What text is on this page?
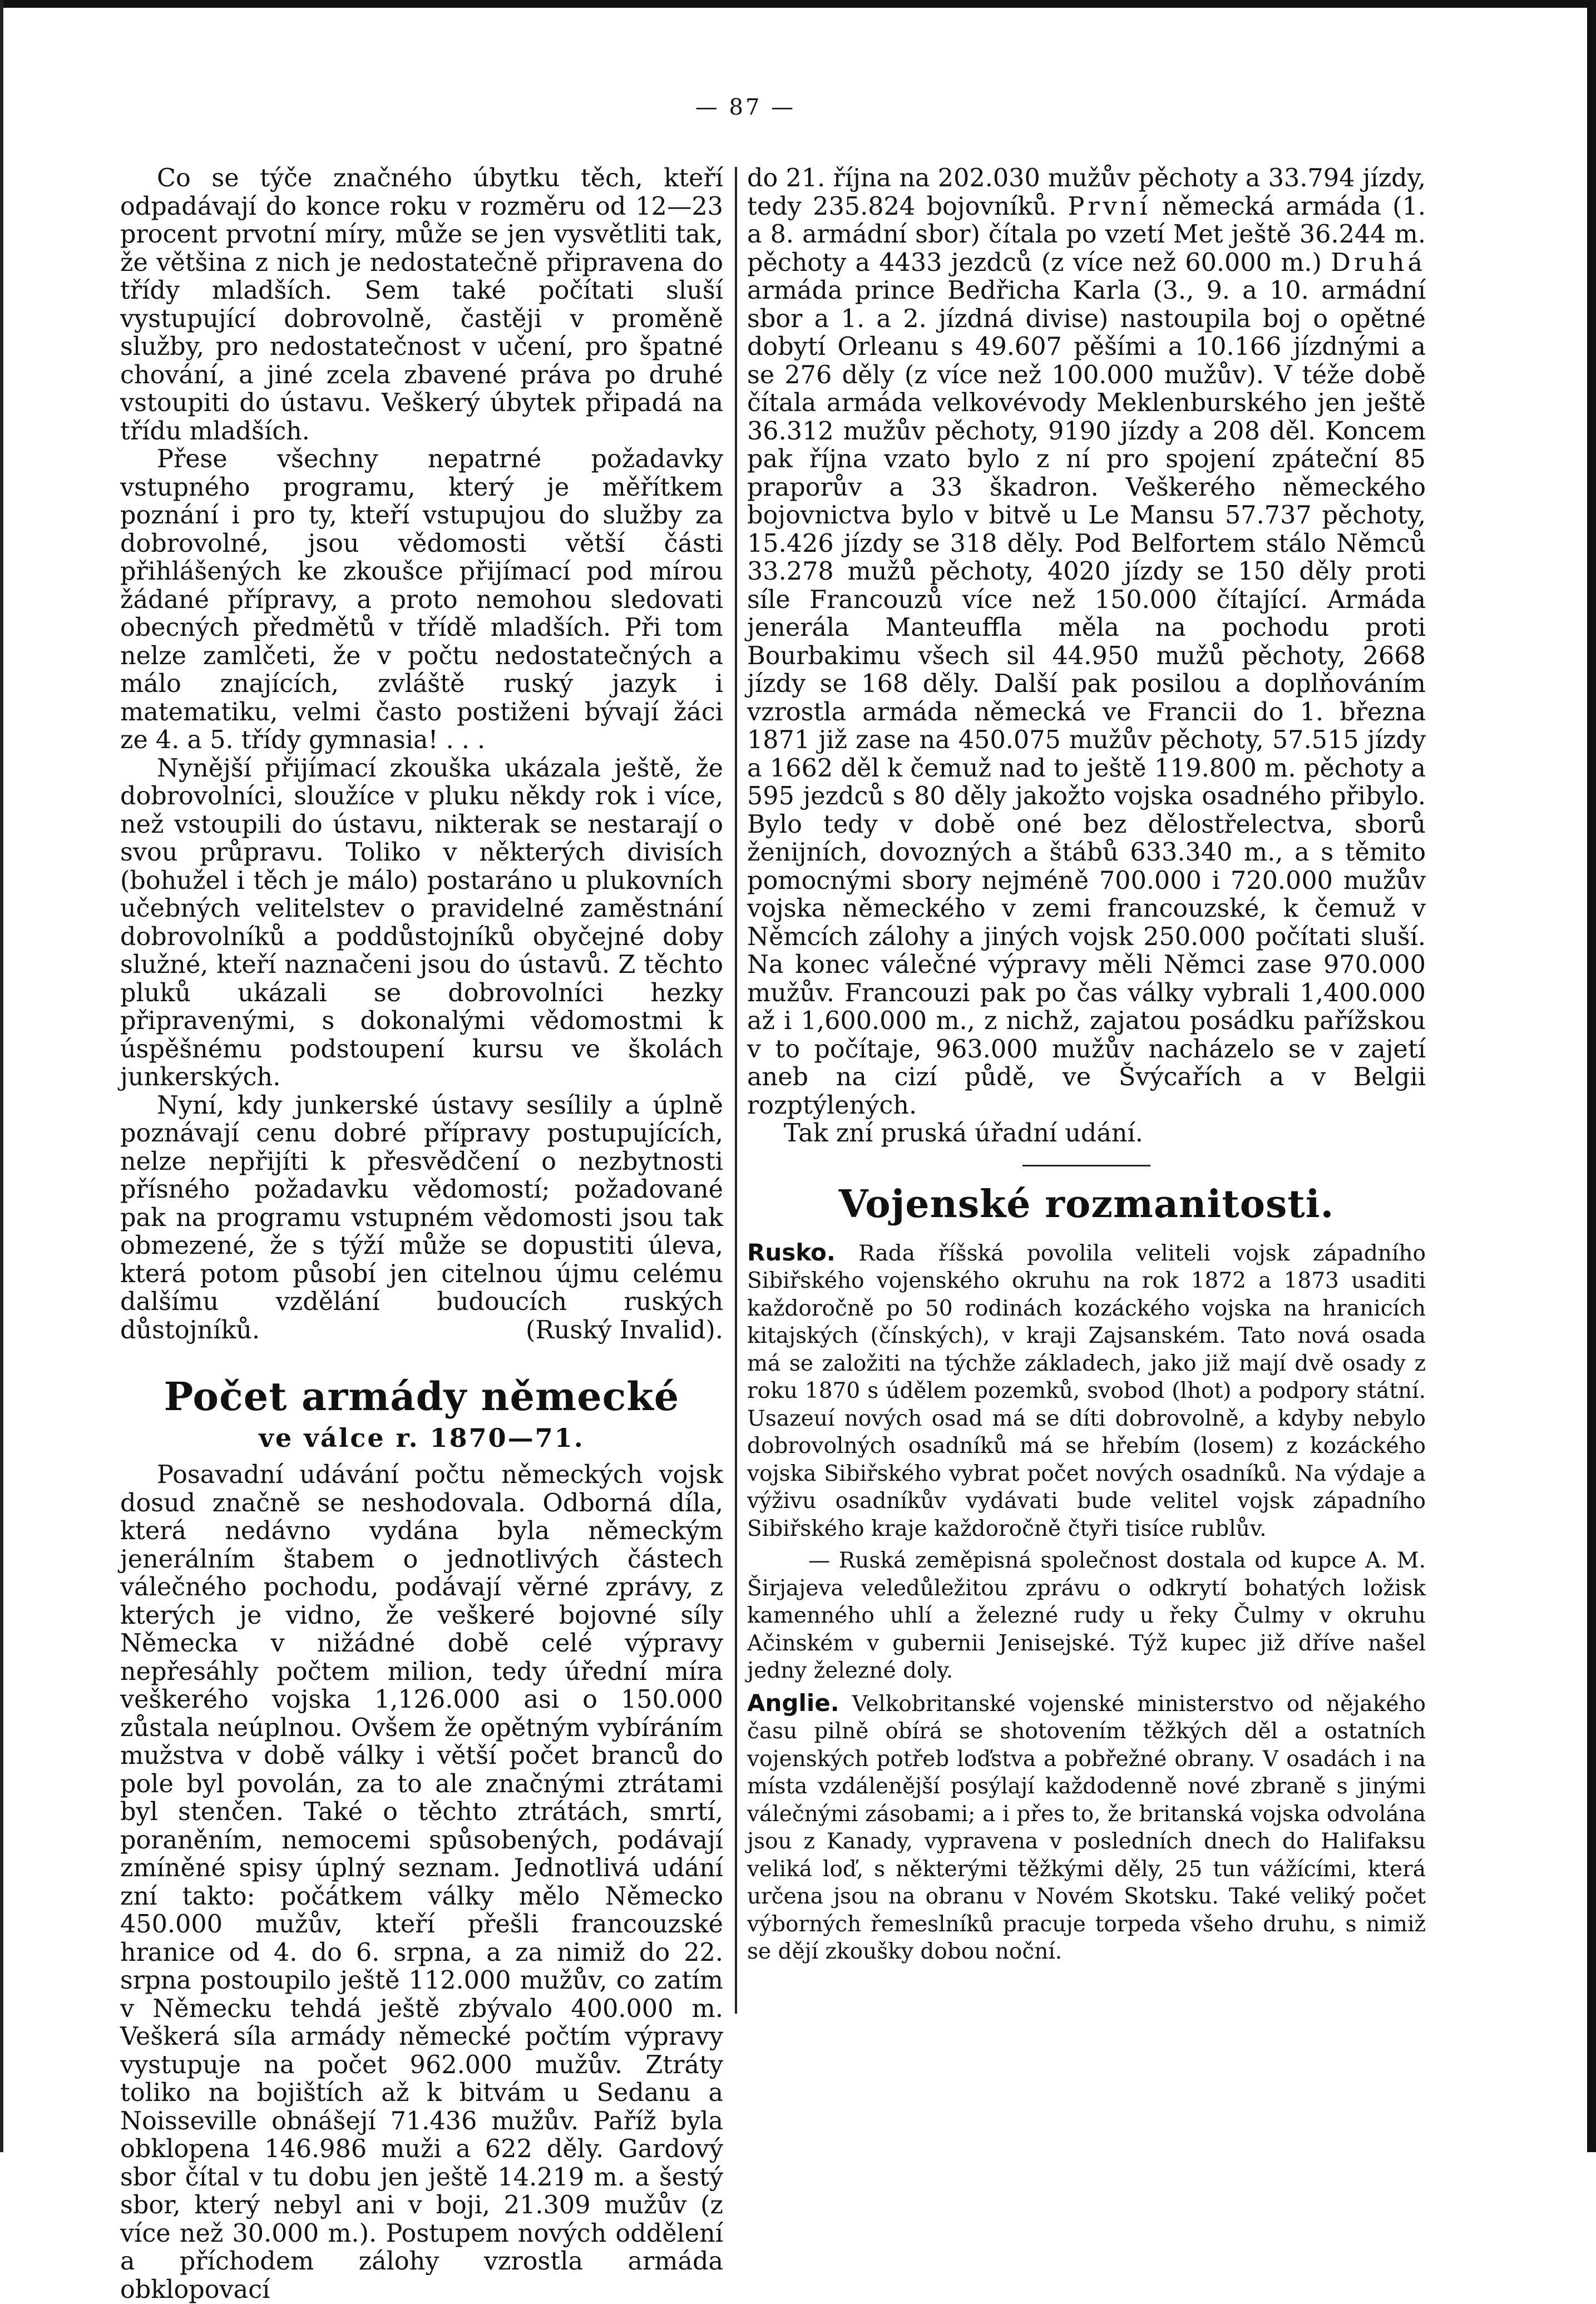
— 87 —

Co se týče značného úbytku těch, kteří odpadávají do konce roku v rozměru od 12—23 procent prvotní míry, může se jen vysvětliti tak, že většina z nich je nedostatečně připravena do třídy mladších. Sem také počítati sluší vystupující dobrovolně, častěji v proměně služby, pro nedostatečnost v učení, pro špatné chování, a jiné zcela zbavené práva po druhé vstoupiti do ústavu. Veškerý úbytek připadá na třídu mladších.

Přese všechny nepatrné požadavky vstupného programu, který je měřítkem poznání i pro ty, kteří vstupujou do služby za dobrovolné, jsou vědomosti větší části přihlášených ke zkoušce přijímací pod mírou žádané přípravy, a proto nemohou sledovati obecných předmětů v třídě mladších. Při tom nelze zamlčeti, že v počtu nedostatečných a málo znajících, zvláště ruský jazyk i matematiku, velmi často postiženi bývají žáci ze 4. a 5. třídy gymnasia! . . .

Nynější přijímací zkouška ukázala ještě, že dobrovolníci, sloužíce v pluku někdy rok i více, než vstoupili do ústavu, nikterak se nestarají o svou průpravu. Toliko v některých divisích (bohužel i těch je málo) postaráno u plukovních učebných velitelstev o pravidelné zaměstnání dobrovolníků a poddůstojníků obyčejné doby služné, kteří naznačeni jsou do ústavů. Z těchto pluků ukázali se dobrovolníci hezky připravenými, s dokonalými vědomostmi k úspěšnému podstoupení kursu ve školách junkerských.

Nyní, kdy junkerské ústavy sesílily a úplně poznávají cenu dobré přípravy postupujících, nelze nepřijíti k přesvědčení o nezbytnosti přísného požadavku vědomostí; požadované pak na programu vstupném vědomosti jsou tak obmezené, že s týží může se dopustiti úleva, která potom působí jen citelnou újmu celému dalšímu vzdělání budoucích ruských důstojníků.	(Ruský Invalid).

Počet armády německé
ve válce r. 1870—71.

Posavadní udávání počtu německých vojsk dosud značně se neshodovala. Odborná díla, která nedávno vydána byla německým jenerálním štabem o jednotlivých částech válečného pochodu, podávají věrné zprávy, z kterých je vidno, že veškeré bojovné síly Německa v nižádné době celé výpravy nepřesáhly počtem milion, tedy úřední míra veškerého vojska 1,126.000 asi o 150.000 zůstala neúplnou. Ovšem že opětným vybíráním mužstva v době války i větší počet branců do pole byl povolán, za to ale značnými ztrátami byl stenčen. Také o těchto ztrátách, smrtí, poraněním, nemocemi spůsobených, podávají zmíněné spisy úplný seznam. Jednotlivá udání zní takto: počátkem války mělo Německo 450.000 mužův, kteří přešli francouzské hranice od 4. do 6. srpna, a za nimiž do 22. srpna postoupilo ještě 112.000 mužův, co zatím v Německu tehdá ještě zbývalo 400.000 m. Veškerá síla armády německé počtím výpravy vystupuje na počet 962.000 mužův. Ztráty toliko na bojištích až k bitvám u Sedanu a Noisseville obnášejí 71.436 mužův. Paříž byla obklopena 146.986 muži a 622 děly. Gardový sbor čítal v tu dobu jen ještě 14.219 m. a šestý sbor, který nebyl ani v boji, 21.309 mužův (z více než 30.000 m.). Postupem nových oddělení a příchodem zálohy vzrostla armáda obklopovací

do 21. října na 202.030 mužův pěchoty a 33.794 jízdy, tedy 235.824 bojovníků. První německá armáda (1. a 8. armádní sbor) čítala po vzetí Met ještě 36.244 m. pěchoty a 4433 jezdců (z více než 60.000 m.) Druhá armáda prince Bedřicha Karla (3., 9. a 10. armádní sbor a 1. a 2. jízdná divise) nastoupila boj o opětné dobytí Orleanu s 49.607 pěšími a 10.166 jízdnými a se 276 děly (z více než 100.000 mužův). V téže době čítala armáda velkovévody Meklenburského jen ještě 36.312 mužův pěchoty, 9190 jízdy a 208 děl. Koncem pak října vzato bylo z ní pro spojení zpáteční 85 praporův a 33 škadron. Veškerého německého bojovnictva bylo v bitvě u Le Mansu 57.737 pěchoty, 15.426 jízdy se 318 děly. Pod Belfortem stálo Němců 33.278 mužů pěchoty, 4020 jízdy se 150 děly proti síle Francouzů více než 150.000 čítající. Armáda jenerála Manteuffla měla na pochodu proti Bourbakimu všech sil 44.950 mužů pěchoty, 2668 jízdy se 168 děly. Další pak posilou a doplňováním vzrostla armáda německá ve Francii do 1. března 1871 již zase na 450.075 mužův pěchoty, 57.515 jízdy a 1662 děl k čemuž nad to ještě 119.800 m. pěchoty a 595 jezdců s 80 děly jakožto vojska osadného přibylo. Bylo tedy v době oné bez dělostřelectva, sborů ženijních, dovozných a štábů 633.340 m., a s těmito pomocnými sbory nejméně 700.000 i 720.000 mužův vojska německého v zemi francouzské, k čemuž v Němcích zálohy a jiných vojsk 250.000 počítati sluší. Na konec válečné výpravy měli Němci zase 970.000 mužův. Francouzi pak po čas války vybrali 1,400.000 až i 1,600.000 m., z nichž, zajatou posádku pařížskou v to počítaje, 963.000 mužův nacházelo se v zajetí aneb na cizí půdě, ve Švýcařích a v Belgii rozptýlených.

Tak zní pruská úřadní udání.

Vojenské rozmanitosti.

Rusko. Rada říšská povolila veliteli vojsk západního Sibiřského vojenského okruhu na rok 1872 a 1873 usaditi každoročně po 50 rodinách kozáckého vojska na hranicích kitajských (čínských), v kraji Zajsanském. Tato nová osada má se založiti na týchže základech, jako již mají dvě osady z roku 1870 s údělem pozemků, svobod (lhot) a podpory státní. Usazeuí nových osad má se díti dobrovolně, a kdyby nebylo dobrovolných osadníků má se hřebím (losem) z kozáckého vojska Sibiřského vybrat počet nových osadníků. Na výdaje a výživu osadníkův vydávati bude velitel vojsk západního Sibiřského kraje každoročně čtyři tisíce rublův.

— Ruská zeměpisná společnost dostala od kupce A. M. Širjajeva veledůležitou zprávu o odkrytí bohatých ložisk kamenného uhlí a železné rudy u řeky Čulmy v okruhu Ačinském v gubernii Jenisejské. Týž kupec již dříve našel jedny železné doly.

Anglie. Velkobritanské vojenské ministerstvo od nějakého času pilně obírá se shotovením těžkých děl a ostatních vojenských potřeb loďstva a pobřežné obrany. V osadách i na místa vzdálenější posýlají každodenně nové zbraně s jinými válečnými zásobami; a i přes to, že britanská vojska odvolána jsou z Kanady, vypravena v posledních dnech do Halifaksu veliká loď, s některými těžkými děly, 25 tun vážícími, která určena jsou na obranu v Novém Skotsku. Také veliký počet výborných řemeslníků pracuje torpeda všeho druhu, s nimiž se dějí zkoušky dobou noční.
